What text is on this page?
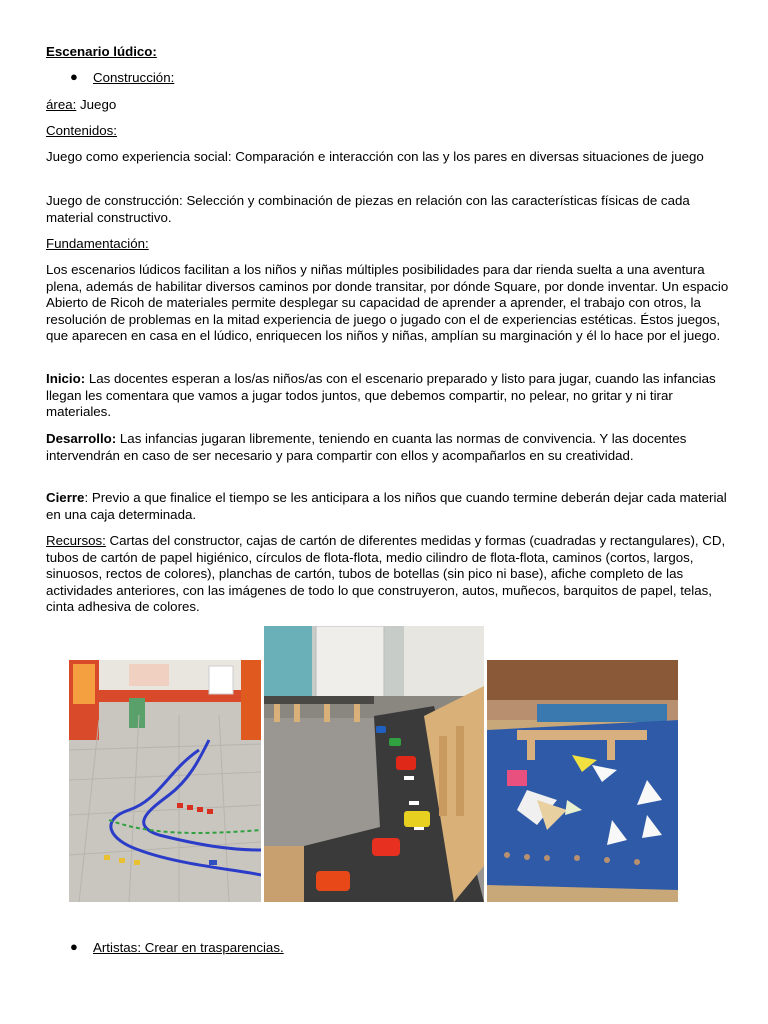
Escenario lúdico:
● Construcción:
área: Juego
Contenidos:

Juego como experiencia social: Comparación e interacción con las y los pares en diversas situaciones de juego

Juego de construcción: Selección y combinación de piezas en relación con las características físicas de cada material constructivo.

Fundamentación:

Los escenarios lúdicos facilitan a los niños y niñas múltiples posibilidades para dar rienda suelta a una aventura plena, además de habilitar diversos caminos por donde transitar, por dónde Square, por donde inventar. Un espacio Abierto de Ricoh de materiales permite desplegar su capacidad de aprender a aprender, el trabajo con otros, la resolución de problemas en la mitad experiencia de juego o jugado con el de experiencias estéticas. Éstos juegos, que aparecen en casa en el lúdico, enriquecen los niños y niñas, amplían su marginación y él lo hace por el juego.

Inicio: Las docentes esperan a los/as niños/as con el escenario preparado y listo para jugar, cuando las infancias llegan les comentara que vamos a jugar todos juntos, que debemos compartir, no pelear, no gritar y ni tirar materiales.

Desarrollo: Las infancias jugaran libremente, teniendo en cuanta las normas de convivencia. Y las docentes intervendrán en caso de ser necesario y para compartir con ellos y acompañarlos en su creatividad.

Cierre: Previo a que finalice el tiempo se les anticipara a los niños que cuando termine deberán dejar cada material en una caja determinada.

Recursos: Cartas del constructor, cajas de cartón de diferentes medidas y formas (cuadradas y rectangulares), CD, tubos de cartón de papel higiénico, círculos de flota-flota, medio cilindro de flota-flota, caminos (cortos, largos, sinuosos, rectos de colores), planchas de cartón, tubos de botellas (sin pico ni base), afiche completo de las actividades anteriores, con las imágenes de todo lo que construyeron, autos, muñecos, barquitos de papel, telas, cinta adhesiva de colores.

● Artistas: Crear en trasparencias.
